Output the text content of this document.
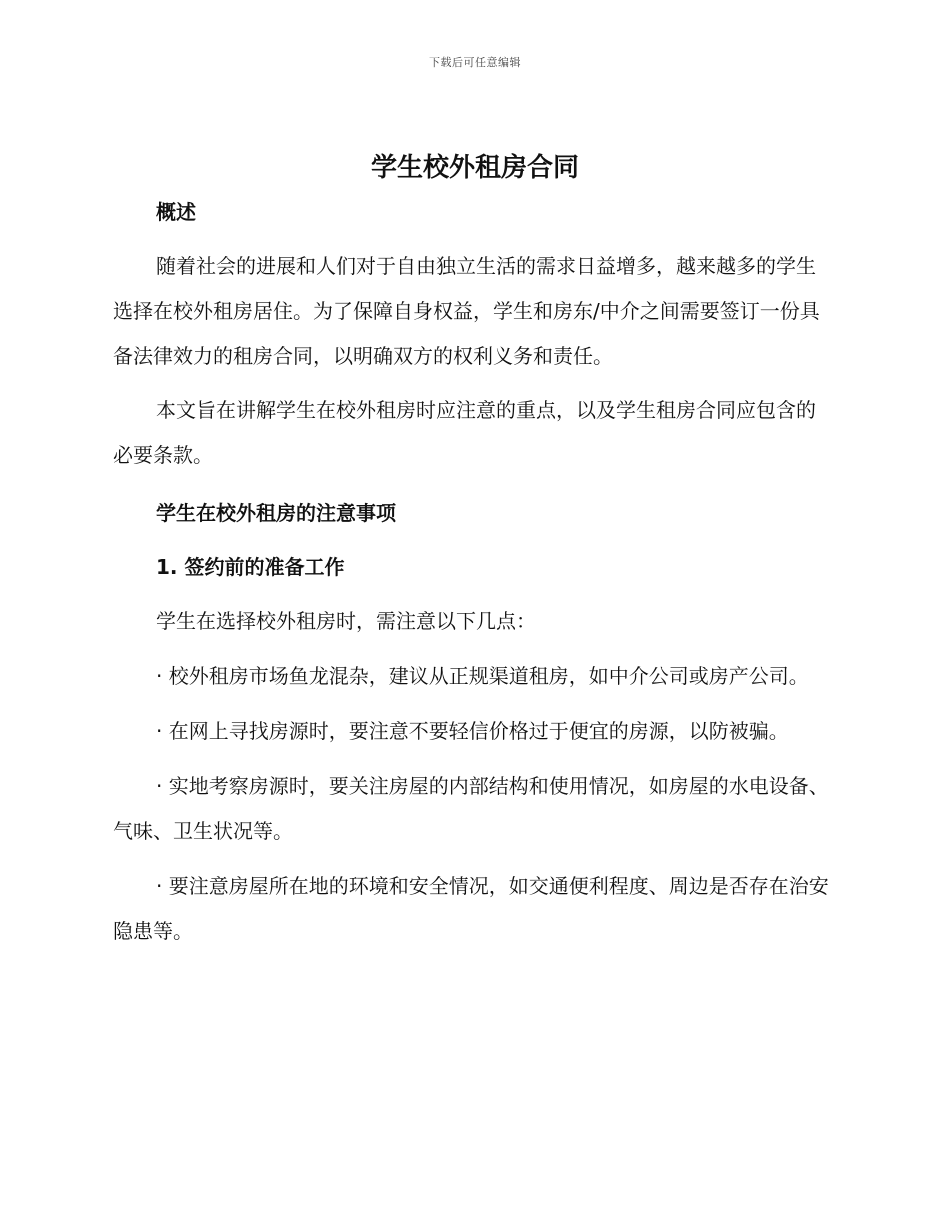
下载后可任意编辑
学生校外租房合同

概述

随着社会的进展和人们对于自由独立生活的需求日益增多，越来越多的学生选择在校外租房居住。为了保障自身权益，学生和房东/中介之间需要签订一份具备法律效力的租房合同，以明确双方的权利义务和责任。

本文旨在讲解学生在校外租房时应注意的重点，以及学生租房合同应包含的必要条款。

学生在校外租房的注意事项

1. 签约前的准备工作

学生在选择校外租房时，需注意以下几点：

· 校外租房市场鱼龙混杂，建议从正规渠道租房，如中介公司或房产公司。

· 在网上寻找房源时，要注意不要轻信价格过于便宜的房源，以防被骗。

· 实地考察房源时，要关注房屋的内部结构和使用情况，如房屋的水电设备、气味、卫生状况等。

· 要注意房屋所在地的环境和安全情况，如交通便利程度、周边是否存在治安隐患等。
